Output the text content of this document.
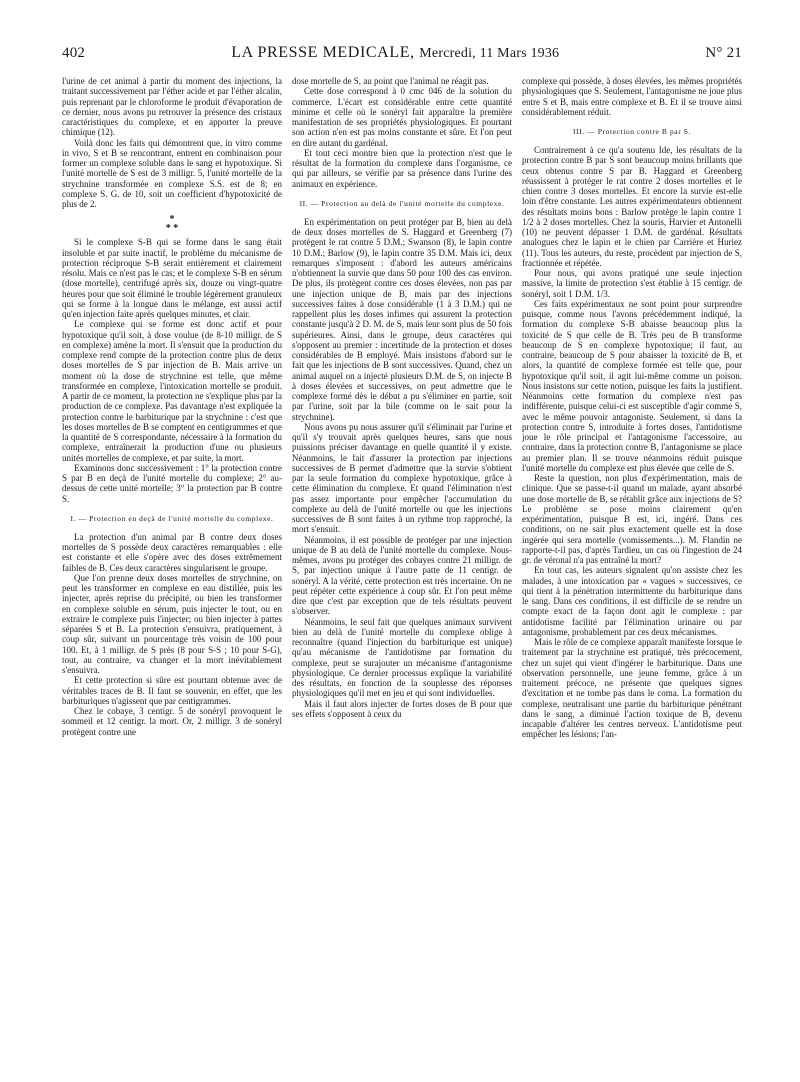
402	LA PRESSE MEDICALE, Mercredi, 11 Mars 1936	N° 21

l'urine de cet animal à partir du moment des injections, la traitant successivement par l'éther acide et par l'éther alcalin, puis reprenant par le chloroforme le produit d'évaporation de ce dernier, nous avons pu retrouver la présence des cristaux caractéristiques du complexe, et en apporter la preuve chimique (12).

Voilà donc les faits qui démontrent que, in vitro comme in vivo, S et B se rencontrant, entrent en combinaison pour former un complexe soluble dans le sang et hypotoxique. Si l'unité mortelle de S est de 3 milligr. 5, l'unité mortelle de la strychnine transformée en complexe S.S. est de 8; en complexe S. G. de 10, soit un coefficient d'hypotoxicité de plus de 2.

*
* *

Si le complexe S-B qui se forme dans le sang était insoluble et par suite inactif, le problème du mécanisme de protection réciproque S-B serait entièrement et clairement résolu. Mais ce n'est pas le cas; et le complexe S-B en sérum (dose mortelle), centrifugé après six, douze ou vingt-quatre heures pour que soit éliminé le trouble légèrement granuleux qui se forme à la longue dans le mélange, est aussi actif qu'en injection faite après quelques minutes, et clair.

Le complexe qui se forme est donc actif et pour hypotoxique qu'il soit, à dose voulue (de 8-10 milligr. de S en complexe) amène la mort. Il s'ensuit que la production du complexe rend compte de la protection contre plus de deux doses mortelles de S par injection de B. Mais arrive un moment où la dose de strychnine est telle, que même transformée en complexe, l'intoxication mortelle se produit. A partir de ce moment, la protection ne s'explique plus par la production de ce complexe. Pas davantage n'est expliquée la protection contre le barbiturique par la strychnine : c'est que les doses mortelles de B se comptent en centigrammes et que la quantité de S correspondante, nécessaire à la formation du complexe, entraînerait la production d'une ou plusieurs unités mortelles de complexe, et par suite, la mort.

Examinons donc successivement : 1° la protection contre S par B en deçà de l'unité mortelle du complexe; 2° au-dessus de cette unité mortelle; 3° la protection par B contre S.

I. — Protection en deçà de l'unité mortelle du complexe.

La protection d'un animal par B contre deux doses mortelles de S possède deux caractères remarquables : elle est constante et elle s'opère avec des doses extrêmement faibles de B. Ces deux caractères singularisent le groupe.

Que l'on prenne deux doses mortelles de strychnine, on peut les transformer en complexe en eau distillée, puis les injecter, après reprise du précipité, ou bien les transformer en complexe soluble en sérum, puis injecter le tout, ou en extraire le complexe puis l'injecter; ou bien injecter à pattes séparées S et B. La protection s'ensuivra, pratiquement, à coup sûr, suivant un pourcentage très voisin de 100 pour 100. Et, à 1 milligr. de S près (8 pour S-S ; 10 pour S-G), tout, au contraire, va changer et la mort inévitablement s'ensuivra.

Et cette protection si sûre est pourtant obtenue avec de véritables traces de B. Il faut se souvenir, en effet, que les barbituriques n'agissent que par centigrammes.

Chez le cobaye, 3 centigr. 5 de sonéryl provoquent le sommeil et 12 centigr. la mort. Or, 2 milligr. 3 de sonéryl protègent contre une

dose mortelle de S, au point que l'animal ne réagit pas.

Cette dose correspond à 0 cmc 046 de la solution du commerce. L'écart est considérable entre cette quantité minime et celle où le sonéryl fait apparaître la première manifestation de ses propriétés physiologiques. Et pourtant son action n'en est pas moins constante et sûre. Et l'on peut en dire autant du gardénal.

Et tout ceci montre bien que la protection n'est que le résultat de la formation du complexe dans l'organisme, ce qui par ailleurs, se vérifie par sa présence dans l'urine des animaux en expérience.

II. — Protection au delà de l'unité mortelle du complexe.

En expérimentation on peut protéger par B, bien au delà de deux doses mortelles de S. Haggard et Greenberg (7) protègent le rat contre 5 D.M.; Swanson (8), le lapin contre 10 D.M.; Barlow (9), le lapin contre 35 D.M. Mais ici, deux remarques s'imposent : d'abord les auteurs américains n'obtiennent la survie que dans 50 pour 100 des cas environ. De plus, ils protègent contre ces doses élevées, non pas par une injection unique de B, mais par des injections successives faites à dose considérable (1 à 3 D.M.) qui ne rappellent plus les doses infimes qui assurent la protection constante jusqu'à 2 D. M. de S, mais leur sont plus de 50 fois supérieures. Ainsi, dans le groupe, deux caractères qui s'opposent au premier : incertitude de la protection et doses considérables de B employé. Mais insistons d'abord sur le fait que les injections de B sont successives. Quand, chez un animal auquel on a injecté plusieurs D.M. de S, on injecte B à doses élevées et successives, on peut admettre que le complexe formé dès le début a pu s'éliminer en partie, soit par l'urine, soit par la bile (comme on le sait pour la strychnine).

Nous avons pu nous assurer qu'il s'éliminait par l'urine et qu'il s'y trouvait après quelques heures, sans que nous puissions préciser davantage en quelle quantité il y existe. Néanmoins, le fait d'assurer la protection par injections successives de B permet d'admettre que la survie s'obtient par la seule formation du complexe hypotoxique, grâce à cette élimination du complexe. Et quand l'élimination n'est pas assez importante pour empêcher l'accumulation du complexe au delà de l'unité mortelle ou que les injections successives de B sont faites à un rythme trop rapproché, la mort s'ensuit.

Néanmoins, il est possible de protéger par une injection unique de B au delà de l'unité mortelle du complexe. Nous-mêmes, avons pu protéger des cobayes contre 21 milligr. de S, par injection unique à l'autre patte de 11 centigr. de sonéryl. A la vérité, cette protection est très incertaine. On ne peut répéter cette expérience à coup sûr. Et l'on peut même dire que c'est par exception que de tels résultats peuvent s'observer.

Néanmoins, le seul fait que quelques animaux survivent bien au delà de l'unité mortelle du complexe oblige à reconnaître (quand l'injection du barbiturique est unique) qu'au mécanisme de l'antidotisme par formation du complexe, peut se surajouter un mécanisme d'antagonisme physiologique. Ce dernier processus explique la variabilité des résultats, en fonction de la souplesse des réponses physiologiques qu'il met en jeu et qui sont individuelles.

Mais il faut alors injecter de fortes doses de B pour que ses effets s'opposent à ceux du

complexe qui possède, à doses élevées, les mêmes propriétés physiologiques que S. Seulement, l'antagonisme ne joue plus entre S et B, mais entre complexe et B. Et il se trouve ainsi considérablement réduit.

III. — Protection contre B par S.

Contrairement à ce qu'a soutenu Ide, les résultats de la protection contre B par S sont beaucoup moins brillants que ceux obtenus contre S par B. Haggard et Greenberg réussissent à protéger le rat contre 2 doses mortelles et le chien contre 3 doses mortelles. Et encore la survie est-elle loin d'être constante. Les autres expérimentateurs obtiennent des résultats moins bons : Barlow protège le lapin contre 1 1/2 à 2 doses mortelles. Chez la souris, Harvier et Antonelli (10) ne peuvent dépasser 1 D.M. de gardénal. Résultats analogues chez le lapin et le chien par Carrière et Huriez (11). Tous les auteurs, du reste, procèdent par injection de S, fractionnée et répétée.

Pour nous, qui avons pratiqué une seule injection massive, la limite de protection s'est établie à 15 centigr. de sonéryl, soit 1 D.M. 1/3.

Ces faits expérimentaux ne sont point pour surprendre puisque, comme nous l'avons précédemment indiqué, la formation du complexe S-B abaisse beaucoup plus la toxicité de S que celle de B. Très peu de B transforme beaucoup de S en complexe hypotoxique; il faut, au contraire, beaucoup de S pour abaisser la toxicité de B, et alors, la quantité de complexe formée est telle que, pour hypotoxique qu'il soit, il agit lui-même comme un poison. Nous insistons sur cette notion, puisque les faits la justifient. Néanmoins cette formation du complexe n'est pas indifférente, puisque celui-ci est susceptible d'agir comme S, avec le même pouvoir antagoniste. Seulement, si dans la protection contre S, introduite à fortes doses, l'antidotisme joue le rôle principal et l'antagonisme l'accessoire, au contraire, dans la protection contre B, l'antagonisme se place au premier plan. Il se trouve néanmoins réduit puisque l'unité mortelle du complexe est plus élevée que celle de S.

Reste la question, non plus d'expérimentation, mais de clinique. Que se passe-t-il quand un malade, ayant absorbé une dose mortelle de B, se rétablit grâce aux injections de S? Le problème se pose moins clairement qu'en expérimentation, puisque B est, ici, ingéré. Dans ces conditions, on ne sait plus exactement quelle est la dose ingérée qui sera mortelle (vomissements...). M. Flandin ne rapporte-t-il pas, d'après Tardieu, un cas où l'ingestion de 24 gr. de véronal n'a pas entraîné la mort?

En tout cas, les auteurs signalent qu'on assiste chez les malades, à une intoxication par « vagues » successives, ce qui tient à la pénétration intermittente du barbiturique dans le sang. Dans ces conditions, il est difficile de se rendre un compte exact de la façon dont agit le complexe : par antidotisme facilité par l'élimination urinaire ou par antagonisme, probablement par ces deux mécanismes.

Mais le rôle de ce complexe apparaît manifeste lorsque le traitement par la strychnine est pratiqué, très précocement, chez un sujet qui vient d'ingérer le barbiturique. Dans une observation personnelle, une jeune femme, grâce à un traitement précoce, ne présente que quelques signes d'excitation et ne tombe pas dans le coma. La formation du complexe, neutralisant une partie du barbiturique pénétrant dans le sang, a diminué l'action toxique de B, devenu incapable d'altérer les centres nerveux. L'antidotisme peut empêcher les lésions; l'an-
